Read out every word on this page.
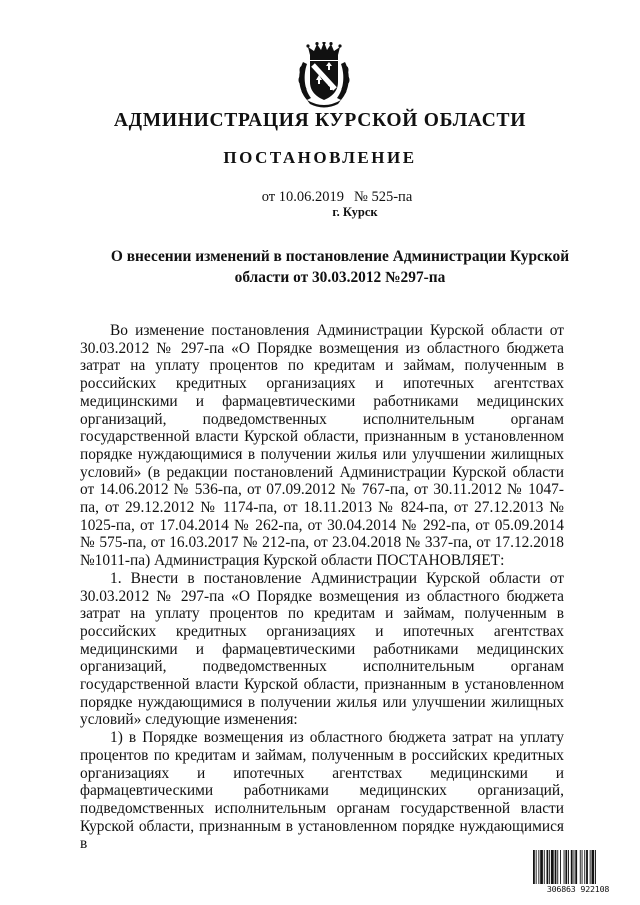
АДМИНИСТРАЦИЯ КУРСКОЙ ОБЛАСТИ
ПОСТАНОВЛЕНИЕ
от 10.06.2019 № 525-па
г. Курск

О внесении изменений в постановление Администрации Курской области от 30.03.2012 №297-па

Во изменение постановления Администрации Курской области от 30.03.2012 № 297-па «О Порядке возмещения из областного бюджета затрат на уплату процентов по кредитам и займам, полученным в российских кредитных организациях и ипотечных агентствах медицинскими и фармацевтическими работниками медицинских организаций, подведомственных исполнительным органам государственной власти Курской области, признанным в установленном порядке нуждающимися в получении жилья или улучшении жилищных условий» (в редакции постановлений Администрации Курской области от 14.06.2012 № 536-па, от 07.09.2012 № 767-па, от 30.11.2012 № 1047-па, от 29.12.2012 № 1174-па, от 18.11.2013 № 824-па, от 27.12.2013 № 1025-па, от 17.04.2014 № 262-па, от 30.04.2014 № 292-па, от 05.09.2014 № 575-па, от 16.03.2017 № 212-па, от 23.04.2018 № 337-па, от 17.12.2018 №1011-па) Администрация Курской области ПОСТАНОВЛЯЕТ:

1. Внести в постановление Администрации Курской области от 30.03.2012 № 297-па «О Порядке возмещения из областного бюджета затрат на уплату процентов по кредитам и займам, полученным в российских кредитных организациях и ипотечных агентствах медицинскими и фармацевтическими работниками медицинских организаций, подведомственных исполнительным органам государственной власти Курской области, признанным в установленном порядке нуждающимися в получении жилья или улучшении жилищных условий» следующие изменения:

1) в Порядке возмещения из областного бюджета затрат на уплату процентов по кредитам и займам, полученным в российских кредитных организациях и ипотечных агентствах медицинскими и фармацевтическими работниками медицинских организаций, подведомственных исполнительным органам государственной власти Курской области, признанным в установленном порядке нуждающимися в

306863 922108
